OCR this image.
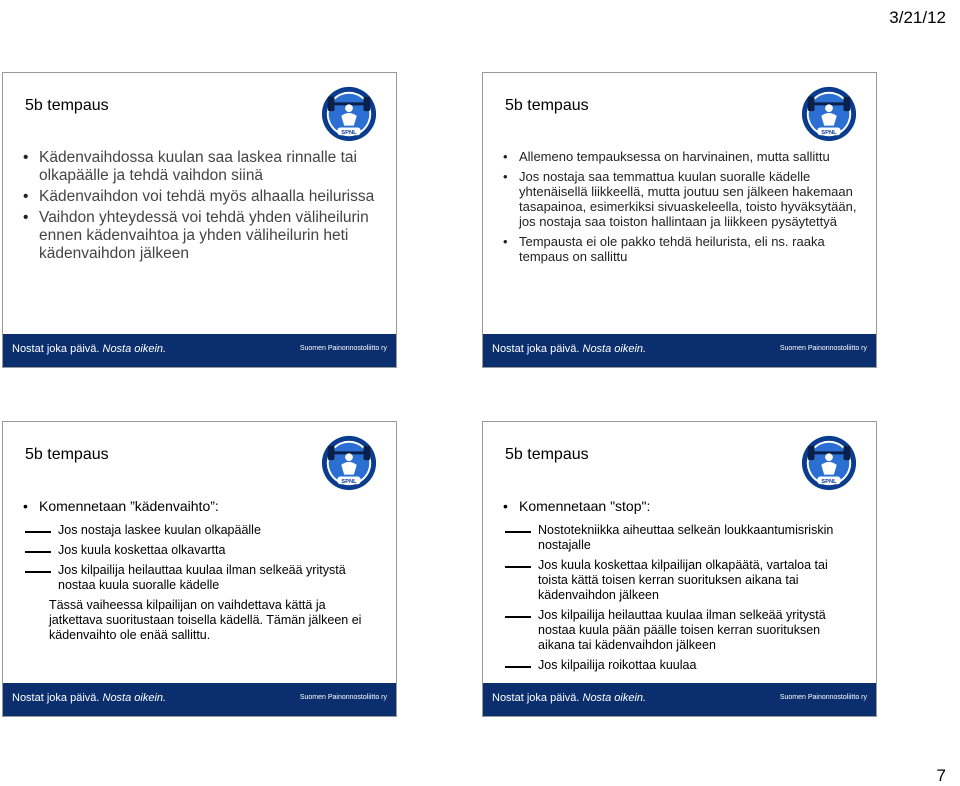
3/21/12
5b tempaus
SPNL
• Kädenvaihdossa kuulan saa laskea rinnalle tai olkapäälle ja tehdä vaihdon siinä
• Kädenvaihdon voi tehdä myös alhaalla heilurissa
• Vaihdon yhteydessä voi tehdä yhden väliheilurin ennen kädenvaihtoa ja yhden väliheilurin heti kädenvaihdon jälkeen
Nostat joka päivä. Nosta oikein.	Suomen Painonnostoliitto ry
5b tempaus
SPNL
• Allemeno tempauksessa on harvinainen, mutta sallittu
• Jos nostaja saa temmattua kuulan suoralle kädelle yhtenäisellä liikkeellä, mutta joutuu sen jälkeen hakemaan tasapainoa, esimerkiksi sivuaskeleella, toisto hyväksytään, jos nostaja saa toiston hallintaan ja liikkeen pysäytettyä
• Tempausta ei ole pakko tehdä heilurista, eli ns. raaka tempaus on sallittu
Nostat joka päivä. Nosta oikein.	Suomen Painonnostoliitto ry
5b tempaus
SPNL
• Komennetaan ”kädenvaihto”:
Jos nostaja laskee kuulan olkapäälle
Jos kuula koskettaa olkavartta
Jos kilpailija heilauttaa kuulaa ilman selkeää yritystä nostaa kuula suoralle kädelle
Tässä vaiheessa kilpailijan on vaihdettava kättä ja jatkettava suoritustaan toisella kädellä. Tämän jälkeen ei kädenvaihto ole enää sallittu.
Nostat joka päivä. Nosta oikein.	Suomen Painonnostoliitto ry
5b tempaus
SPNL
• Komennetaan "stop":
Nostotekniikka aiheuttaa selkeän loukkaantumisriskin nostajalle
Jos kuula koskettaa kilpailijan olkapäätä, vartaloa tai toista kättä toisen kerran suorituksen aikana tai kädenvaihdon jälkeen
Jos kilpailija heilauttaa kuulaa ilman selkeää yritystä nostaa kuula pään päälle toisen kerran suorituksen aikana tai kädenvaihdon jälkeen
Jos kilpailija roikottaa kuulaa
Nostat joka päivä. Nosta oikein.	Suomen Painonnostoliitto ry
7
